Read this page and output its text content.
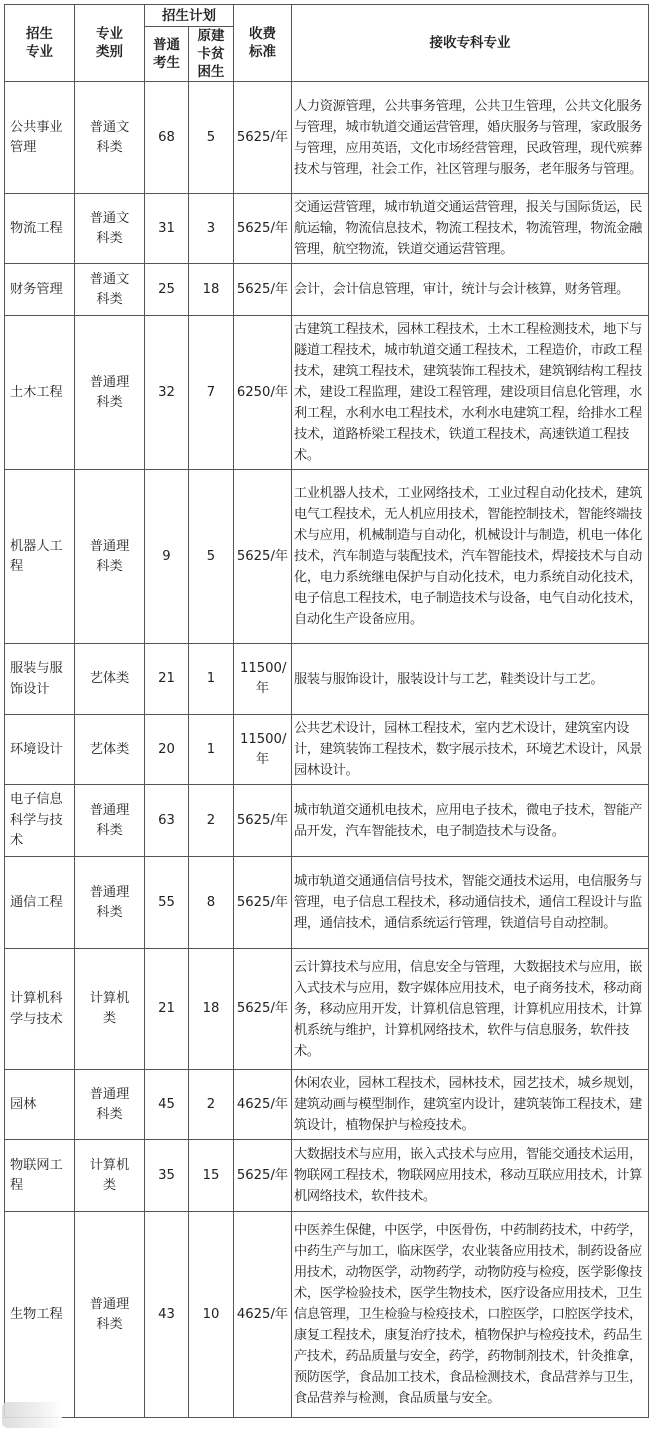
招生专业	专业类别	招生计划		收费标准	接收专科专业
		普通考生	原建卡贫困生		
公共事业管理	普通文科类	68	5	5625/年	人力资源管理，公共事务管理，公共卫生管理，公共文化服务与管理，城市轨道交通运营管理，婚庆服务与管理，家政服务与管理，应用英语，文化市场经营管理，民政管理，现代殡葬技术与管理，社会工作，社区管理与服务，老年服务与管理。
物流工程	普通文科类	31	3	5625/年	交通运营管理，城市轨道交通运营管理，报关与国际货运，民航运输，物流信息技术，物流工程技术，物流管理，物流金融管理，航空物流，铁道交通运营管理。
财务管理	普通文科类	25	18	5625/年	会计，会计信息管理，审计，统计与会计核算，财务管理。
土木工程	普通理科类	32	7	6250/年	古建筑工程技术，园林工程技术，土木工程检测技术，地下与隧道工程技术，城市轨道交通工程技术，工程造价，市政工程技术，建筑工程技术，建筑装饰工程技术，建筑钢结构工程技术，建设工程监理，建设工程管理，建设项目信息化管理，水利工程，水利水电工程技术，水利水电建筑工程，给排水工程技术，道路桥梁工程技术，铁道工程技术，高速铁道工程技术。
机器人工程	普通理科类	9	5	5625/年	工业机器人技术，工业网络技术，工业过程自动化技术，建筑电气工程技术，无人机应用技术，智能控制技术，智能终端技术与应用，机械制造与自动化，机械设计与制造，机电一体化技术，汽车制造与装配技术，汽车智能技术，焊接技术与自动化，电力系统继电保护与自动化技术，电力系统自动化技术，电子信息工程技术，电子制造技术与设备，电气自动化技术，自动化生产设备应用。
服装与服饰设计	艺体类	21	1	11500/年	服装与服饰设计，服装设计与工艺，鞋类设计与工艺。
环境设计	艺体类	20	1	11500/年	公共艺术设计，园林工程技术，室内艺术设计，建筑室内设计，建筑装饰工程技术，数字展示技术，环境艺术设计，风景园林设计。
电子信息科学与技术	普通理科类	63	2	5625/年	城市轨道交通机电技术，应用电子技术，微电子技术，智能产品开发，汽车智能技术，电子制造技术与设备。
通信工程	普通理科类	55	8	5625/年	城市轨道交通通信信号技术，智能交通技术运用，电信服务与管理，电子信息工程技术，移动通信技术，通信工程设计与监理，通信技术，通信系统运行管理，铁道信号自动控制。
计算机科学与技术	计算机类	21	18	5625/年	云计算技术与应用，信息安全与管理，大数据技术与应用，嵌入式技术与应用，数字媒体应用技术，电子商务技术，移动商务，移动应用开发，计算机信息管理，计算机应用技术，计算机系统与维护，计算机网络技术，软件与信息服务，软件技术。
园林	普通理科类	45	2	4625/年	休闲农业，园林工程技术，园林技术，园艺技术，城乡规划，建筑动画与模型制作，建筑室内设计，建筑装饰工程技术，建筑设计，植物保护与检疫技术。
物联网工程	计算机类	35	15	5625/年	大数据技术与应用，嵌入式技术与应用，智能交通技术运用，物联网工程技术，物联网应用技术，移动互联应用技术，计算机网络技术，软件技术。
生物工程	普通理科类	43	10	4625/年	中医养生保健，中医学，中医骨伤，中药制药技术，中药学，中药生产与加工，临床医学，农业装备应用技术，制药设备应用技术，动物医学，动物药学，动物防疫与检疫，医学影像技术，医学检验技术，医学生物技术，医疗设备应用技术，卫生信息管理，卫生检验与检疫技术，口腔医学，口腔医学技术，康复工程技术，康复治疗技术，植物保护与检疫技术，药品生产技术，药品质量与安全，药学，药物制剂技术，针灸推拿，预防医学，食品加工技术，食品检测技术，食品营养与卫生，食品营养与检测，食品质量与安全。
